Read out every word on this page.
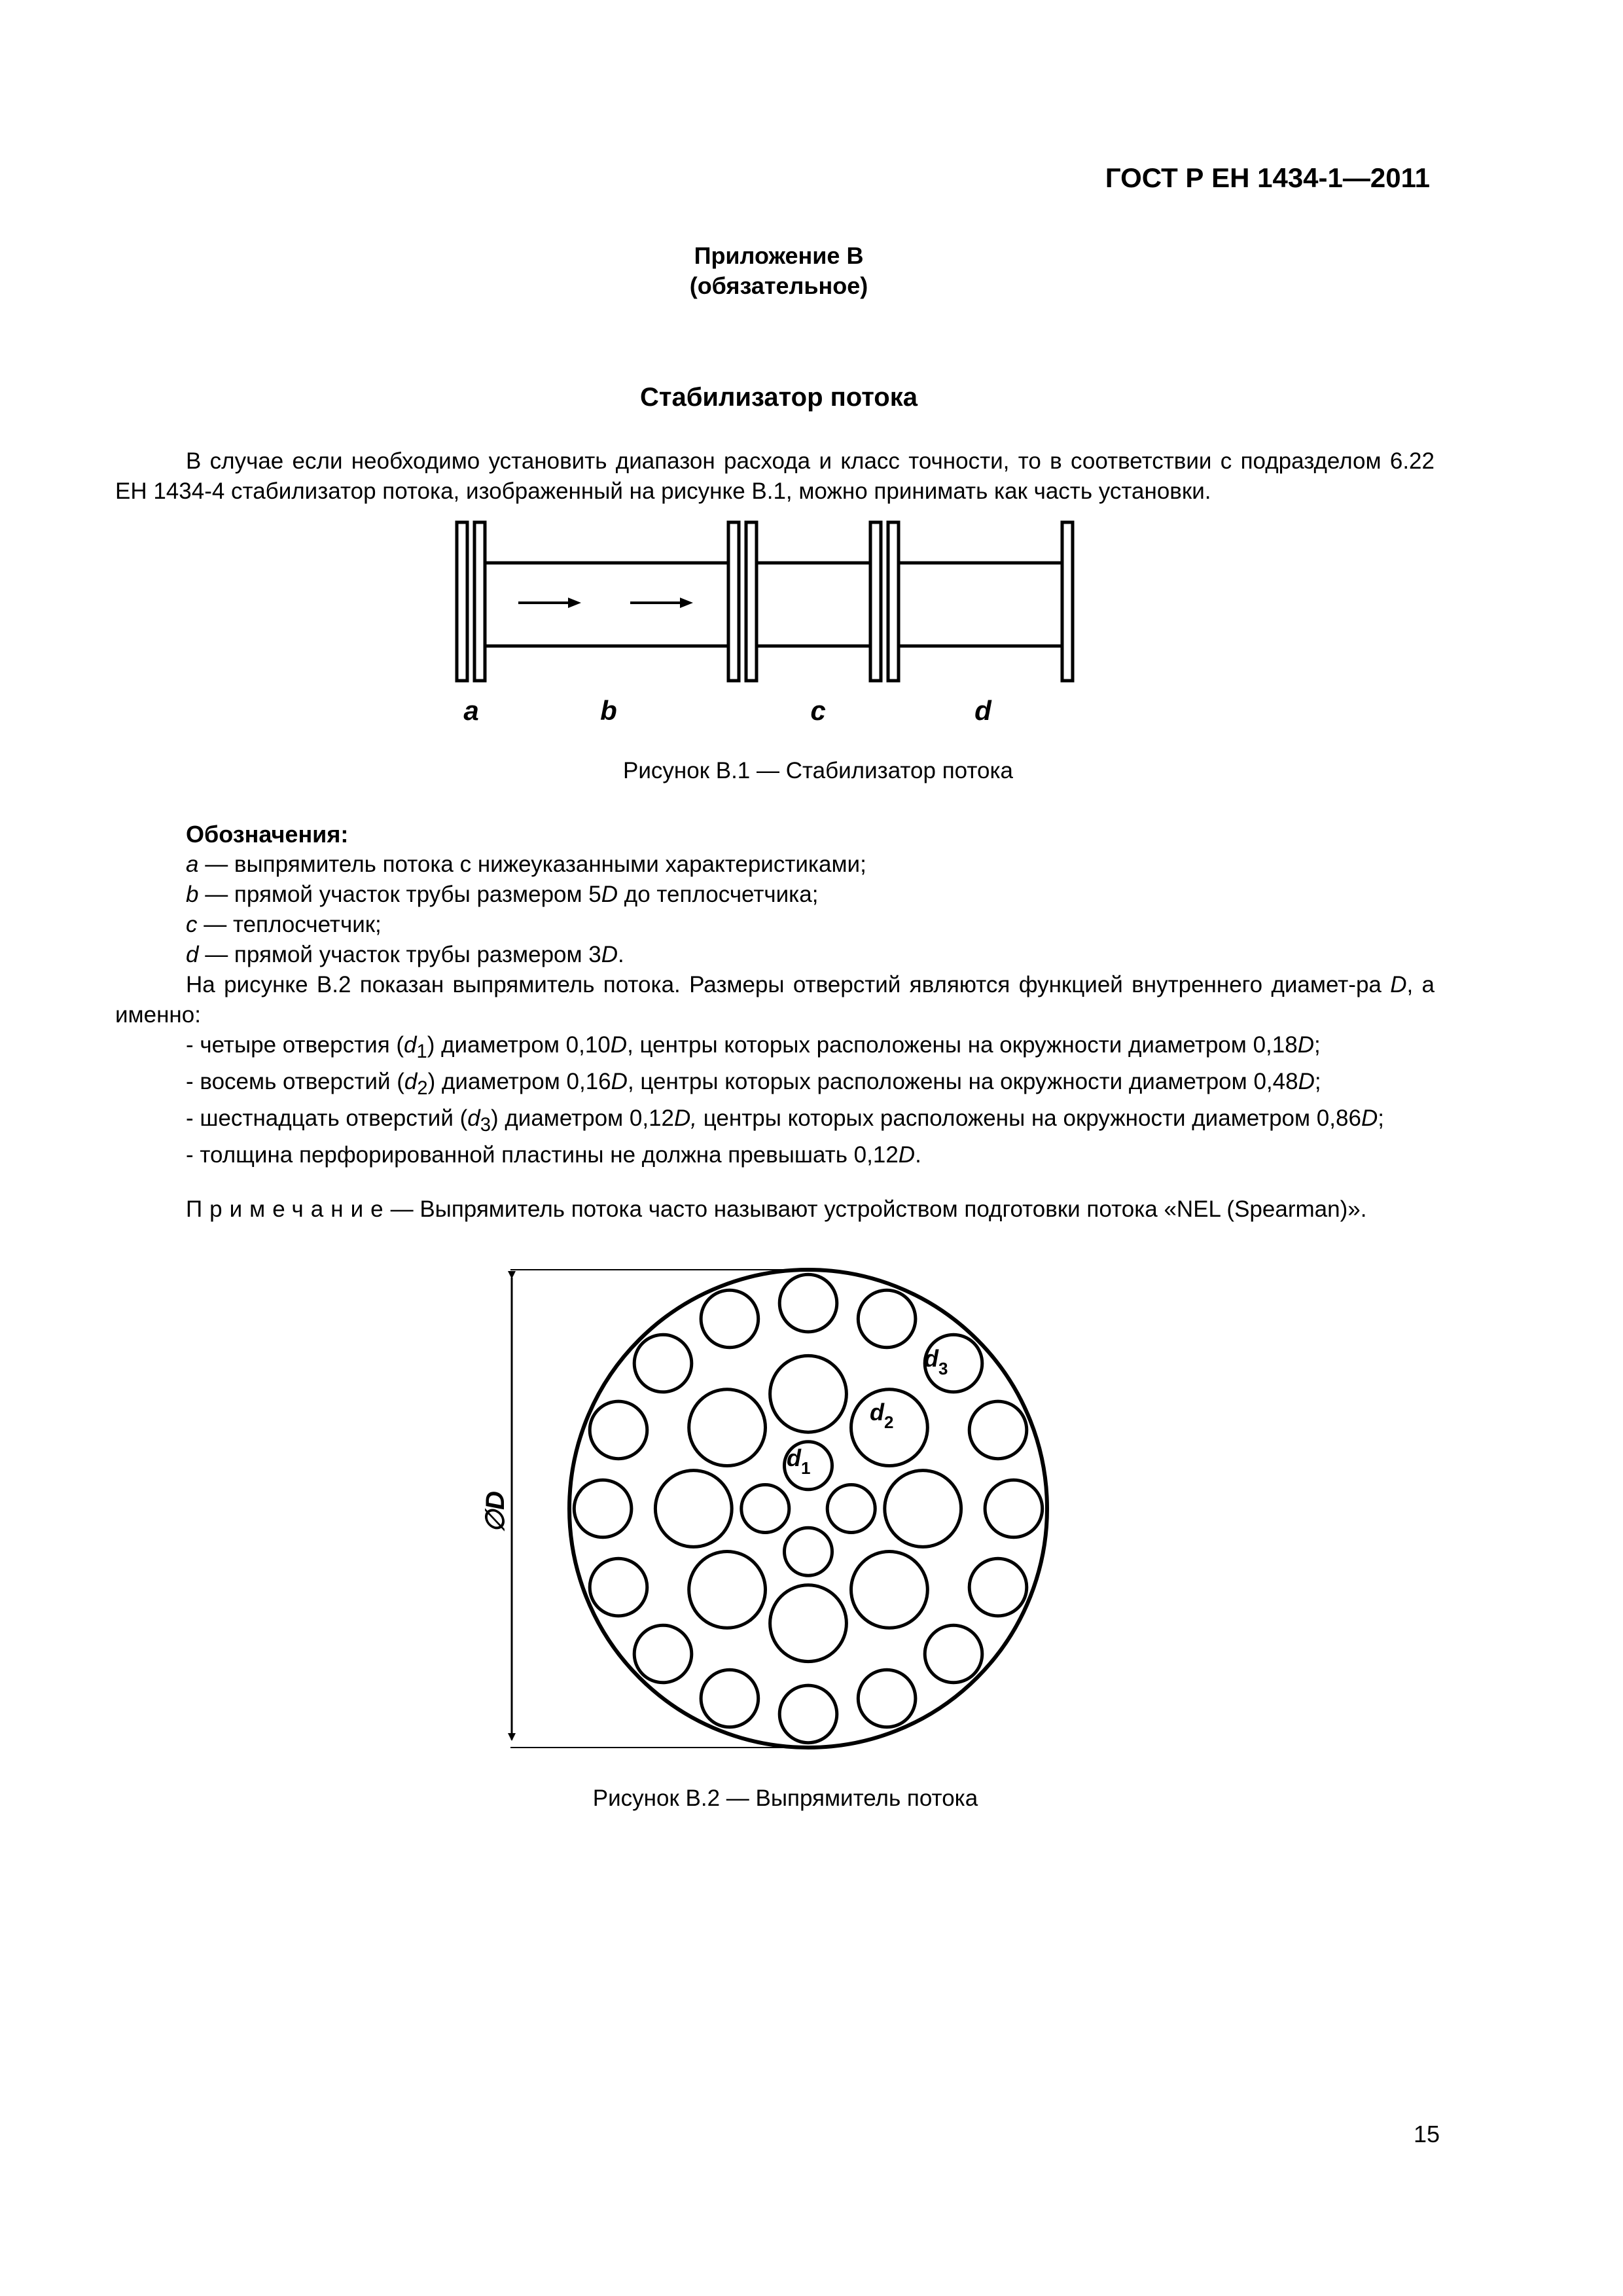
ГОСТ Р ЕН 1434-1—2011
Приложение В
(обязательное)
Стабилизатор потока
В случае если необходимо установить диапазон расхода и класс точности, то в соответствии с подразделом 6.22 ЕН 1434-4 стабилизатор потока, изображенный на рисунке В.1, можно принимать как часть установки.
a	b	c	d
Рисунок В.1 — Стабилизатор потока
Обозначения:
a — выпрямитель потока с нижеуказанными характеристиками;
b — прямой участок трубы размером 5D до теплосчетчика;
c — теплосчетчик;
d — прямой участок трубы размером 3D.
На рисунке В.2 показан выпрямитель потока. Размеры отверстий являются функцией внутреннего диамет-ра D, а именно:
- четыре отверстия $(d_1)$ диаметром 0,10D, центры которых расположены на окружности диаметром 0,18D;
- восемь отверстий $(d_2)$ диаметром 0,16D, центры которых расположены на окружности диаметром 0,48D;
- шестнадцать отверстий $(d_3)$ диаметром 0,12D, центры которых расположены на окружности диаметром 0,86D;
- толщина перфорированной пластины не должна превышать 0,12D.
Примечание— Выпрямитель потока часто называют устройством подготовки потока «NEL (Spearman)».
∅D
$d_1$
$d_2$
$d_3$
Рисунок В.2 — Выпрямитель потока
15
